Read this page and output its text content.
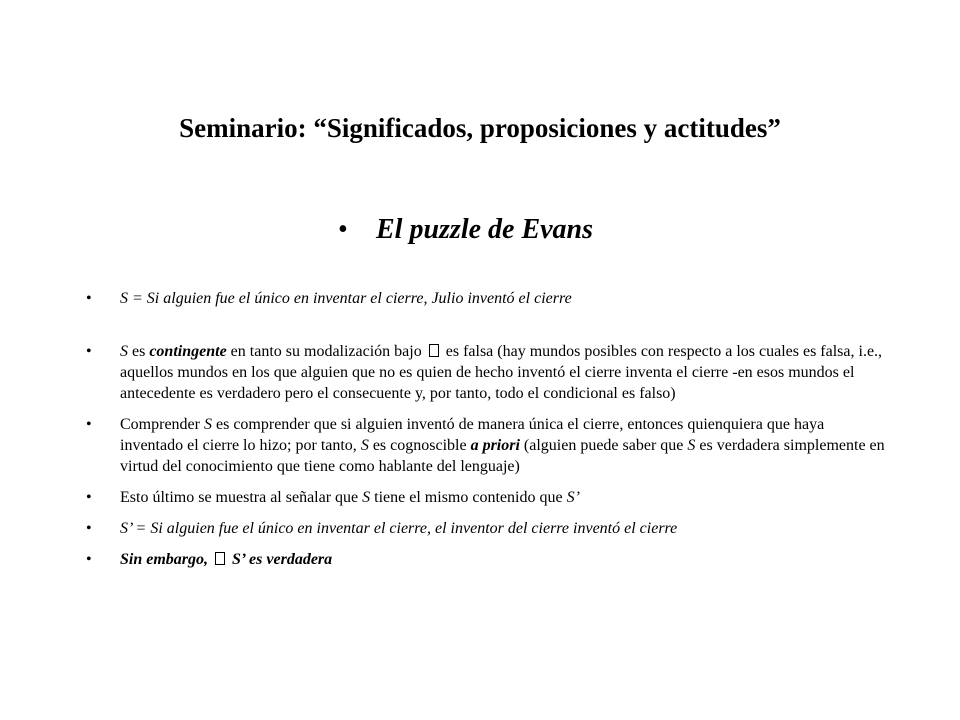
Seminario: “Significados, proposiciones y actitudes”
• El puzzle de Evans
•	S = Si alguien fue el único en inventar el cierre, Julio inventó el cierre
•	S es contingente en tanto su modalización bajo  es falsa (hay mundos posibles con respecto a los cuales es falsa, i.e., aquellos mundos en los que alguien que no es quien de hecho inventó el cierre inventa el cierre -en esos mundos el antecedente es verdadero pero el consecuente y, por tanto, todo el condicional es falso)
•	Comprender S es comprender que si alguien inventó de manera única el cierre, entonces quienquiera que haya inventado el cierre lo hizo; por tanto, S es cognoscible a priori (alguien puede saber que S es verdadera simplemente en virtud del conocimiento que tiene como hablante del lenguaje)
•	Esto último se muestra al señalar que S tiene el mismo contenido que S’
•	S’ = Si alguien fue el único en inventar el cierre, el inventor del cierre inventó el cierre
•	Sin embargo,  S’ es verdadera
